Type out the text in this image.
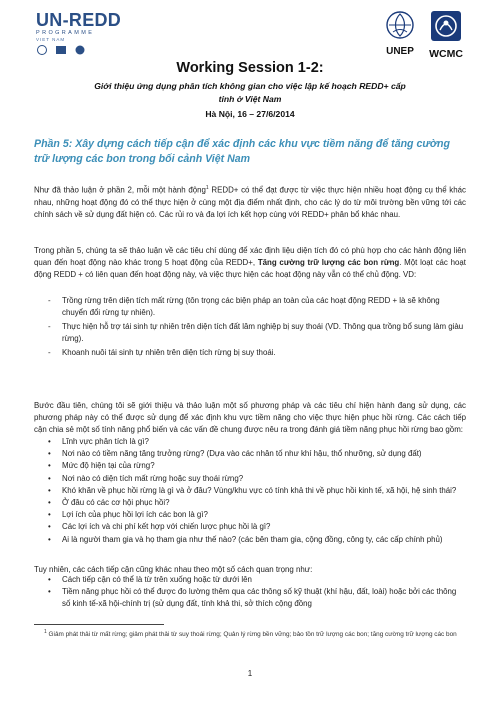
UN-REDD
PROGRAMME
VIET NAM
UNEP	WCMC
Working Session 1-2:
Giới thiệu ứng dụng phân tích không gian cho việc lập kế hoạch REDD+ cấp tỉnh ở Việt Nam
Hà Nội, 16 – 27/6/2014
Phần 5: Xây dựng cách tiếp cận để xác định các khu vực tiềm năng để tăng cường trữ lượng các bon trong bối cảnh Việt Nam
Như đã thảo luận ở phần 2, mỗi một hành động$^1$ REDD+ có thể đạt được từ việc thực hiện nhiều hoạt động cụ thể khác nhau, những hoạt động đó có thể thực hiện ở cùng một địa điểm nhất định, cho các lý do từ môi trường bền vững tới các chính sách về sử dụng đất hiện có. Các rủi ro và đa lợi ích kết hợp cùng với REDD+ phân bổ khác nhau.
Trong phần 5, chúng ta sẽ thảo luận về các tiêu chí dùng để xác định liệu diện tích đó có phù hợp cho các hành động liên quan đến hoạt động nào khác trong 5 hoạt động của REDD+, Tăng cường trữ lượng các bon rừng. Một loạt các hoạt động REDD + có liên quan đến hoạt động này, và việc thực hiện các hoạt động này vẫn có thể chủ động. VD:
- Trồng rừng trên diện tích mất rừng (tôn trọng các biện pháp an toàn của các hoạt động REDD + là sẽ không chuyển đổi rừng tự nhiên).
- Thực hiện hỗ trợ tái sinh tự nhiên trên diện tích đất lâm nghiệp bị suy thoái (VD. Thông qua trồng bổ sung làm giàu rừng).
- Khoanh nuôi tái sinh tự nhiên trên diện tích rừng bị suy thoái.
Bước đầu tiên, chúng tôi sẽ giới thiệu và thảo luận một số phương pháp và các tiêu chí hiện hành đang sử dụng, các phương pháp này có thể được sử dụng để xác định khu vực tiềm năng cho việc thực hiện phục hồi rừng. Các cách tiếp cận chia sẻ một số tính năng phổ biến và các vấn đề chung được nêu ra trong đánh giá tiềm năng phục hồi rừng bao gồm:
• Lĩnh vực phân tích là gì?
• Nơi nào có tiềm năng tăng trưởng rừng? (Dựa vào các nhân tố như khí hậu, thổ nhưỡng, sử dụng đất)
• Mức độ hiện tại của rừng?
• Nơi nào có diện tích mất rừng hoặc suy thoái rừng?
• Khó khăn về phục hồi rừng là gì và ở đâu? Vùng/khu vực có tính khả thi về phục hồi kinh tế, xã hội, hệ sinh thái?
• Ở đâu có các cơ hội phục hồi?
• Lợi ích của phục hồi lợi ích các bon là gì?
• Các lợi ích và chi phí kết hợp với chiến lược phục hồi là gì?
• Ai là người tham gia và họ tham gia như thế nào? (các bên tham gia, cộng đồng, công ty, các cấp chính phủ)
Tuy nhiên, các cách tiếp cận cũng khác nhau theo một số cách quan trọng như:
• Cách tiếp cận có thể là từ trên xuống hoặc từ dưới lên
• Tiềm năng phục hồi có thể được đo lường thêm qua các thông số kỹ thuật (khí hậu, đất, loài) hoặc bởi các thông số kinh tế-xã hội-chính trị (sử dụng đất, tính khả thi, sở thích cộng đồng
$^1$ Giảm phát thải từ mất rừng; giảm phát thải từ suy thoái rừng; Quản lý rừng bền vững; bảo tồn trữ lượng các bon; tăng cường trữ lượng các bon
1
